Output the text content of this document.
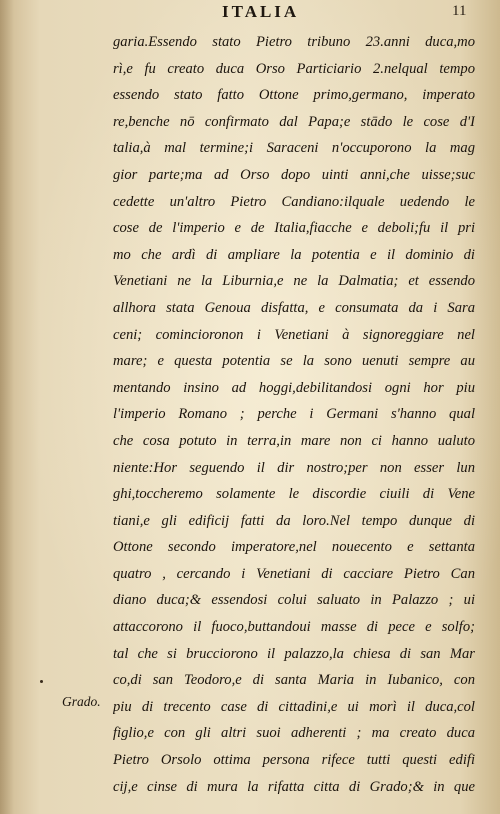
ITALIA	11
garia.Essendo stato Pietro tribuno 23.anni duca,mo
rì,e fu creato duca Orso Particiario 2.nelqual tempo
essendo stato fatto Ottone primo,germano, imperato
re,benche nō confirmato dal Papa;e stādo le cose d'I
talia,à mal termine;i Saraceni n'occuporono la mag
gior parte;ma ad Orso dopo uinti anni,che uisse;suc
cedette un'altro Pietro Candiano:ilquale uedendo le
cose de l'imperio e de Italia,fiacche e deboli;fu il pri
mo che ardì di ampliare la potentia e il dominio di
Venetiani ne la Liburnia,e ne la Dalmatia; et essendo
allhora stata Genoua disfatta, e consumata da i Sara
ceni; comincioronon i Venetiani à signoreggiare nel
mare; e questa potentia se la sono uenuti sempre au
mentando insino ad hoggi,debilitandosi ogni hor piu
l'imperio Romano ; perche i Germani s'hanno qual
che cosa potuto in terra,in mare non ci hanno ualuto
niente:Hor seguendo il dir nostro;per non esser lun
ghi,toccheremo solamente le discordie ciuili di Vene
tiani,e gli edificij fatti da loro.Nel tempo dunque di
Ottone secondo imperatore,nel nouecento e settanta
quatro , cercando i Venetiani di cacciare Pietro Can
diano duca;& essendosi colui saluato in Palazzo ; ui
attaccorono il fuoco,buttandoui masse di pece e solfo;
tal che si brucciorono il palazzo,la chiesa di san Mar
co,di san Teodoro,e di santa Maria in Iubanico, con
piu di trecento case di cittadini,e ui morì il duca,col
figlio,e con gli altri suoi adherenti ; ma creato duca
Pietro Orsolo ottima persona rifece tutti questi edifi
cij,e cinse di mura la rifatta citta di Grado;& in que
Grado.
